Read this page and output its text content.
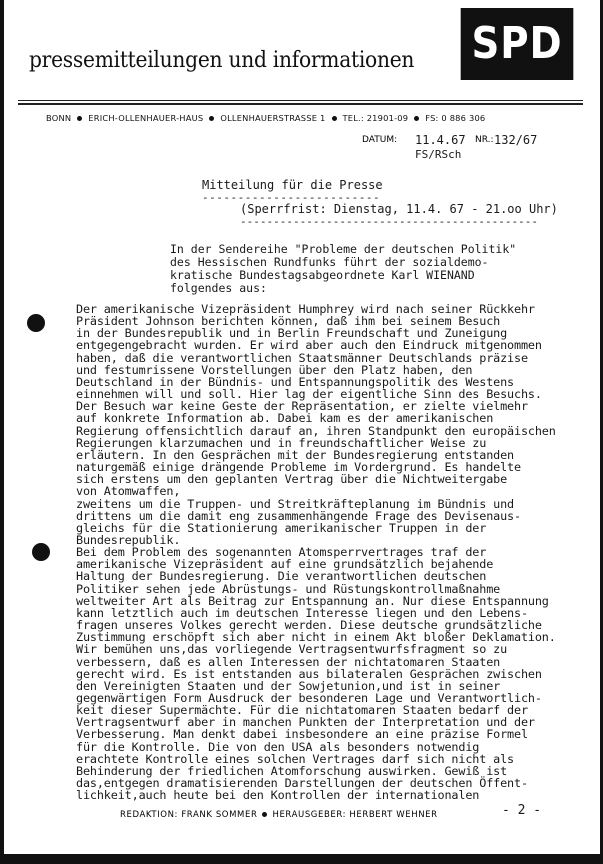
pressemitteilungen und informationen SPD
BONN ERICH-OLLENHAUER-HAUS OLLENHAUERSTRASSE 1 TEL.: 21901-09 FS: 0 886 306
DATUM: 11.4.67 NR.: 132/67
FS/RSch
Mitteilung für die Presse
-------------------------
(Sperrfrist: Dienstag, 11.4. 67 - 21.oo Uhr)
---------------------------------------------
In der Sendereihe "Probleme der deutschen Politik"
des Hessischen Rundfunks führt der sozialdemo-
kratische Bundestagsabgeordnete Karl WIENAND
folgendes aus:
Der amerikanische Vizepräsident Humphrey wird nach seiner Rückkehr
Präsident Johnson berichten können, daß ihm bei seinem Besuch
in der Bundesrepublik und in Berlin Freundschaft und Zuneigung
entgegengebracht wurden. Er wird aber auch den Eindruck mitgenommen
haben, daß die verantwortlichen Staatsmänner Deutschlands präzise
und festumrissene Vorstellungen über den Platz haben, den
Deutschland in der Bündnis- und Entspannungspolitik des Westens
einnehmen will und soll. Hier lag der eigentliche Sinn des Besuchs.
Der Besuch war keine Geste der Repräsentation, er zielte vielmehr
auf konkrete Information ab. Dabei kam es der amerikanischen
Regierung offensichtlich darauf an, ihren Standpunkt den europäischen
Regierungen klarzumachen und in freundschaftlicher Weise zu
erläutern. In den Gesprächen mit der Bundesregierung entstanden
naturgemäß einige drängende Probleme im Vordergrund. Es handelte
sich erstens um den geplanten Vertrag über die Nichtweitergabe
von Atomwaffen,
zweitens um die Truppen- und Streitkräfteplanung im Bündnis und
drittens um die damit eng zusammenhängende Frage des Devisenaus-
gleichs für die Stationierung amerikanischer Truppen in der
Bundesrepublik.
Bei dem Problem des sogenannten Atomsperrvertrages traf der
amerikanische Vizepräsident auf eine grundsätzlich bejahende
Haltung der Bundesregierung. Die verantwortlichen deutschen
Politiker sehen jede Abrüstungs- und Rüstungskontrollmaßnahme
weltweiter Art als Beitrag zur Entspannung an. Nur diese Entspannung
kann letztlich auch im deutschen Interesse liegen und den Lebens-
fragen unseres Volkes gerecht werden. Diese deutsche grundsätzliche
Zustimmung erschöpft sich aber nicht in einem Akt bloßer Deklamation.
Wir bemühen uns,das vorliegende Vertragsentwurfsfragment so zu
verbessern, daß es allen Interessen der nichtatomaren Staaten
gerecht wird. Es ist entstanden aus bilateralen Gesprächen zwischen
den Vereinigten Staaten und der Sowjetunion,und ist in seiner
gegenwärtigen Form Ausdruck der besonderen Lage und Verantwortlich-
keit dieser Supermächte. Für die nichtatomaren Staaten bedarf der
Vertragsentwurf aber in manchen Punkten der Interpretation und der
Verbesserung. Man denkt dabei insbesondere an eine präzise Formel
für die Kontrolle. Die von den USA als besonders notwendig
erachtete Kontrolle eines solchen Vertrages darf sich nicht als
Behinderung der friedlichen Atomforschung auswirken. Gewiß ist
das,entgegen dramatisierenden Darstellungen der deutschen Öffent-
lichkeit,auch heute bei den Kontrollen der internationalen
REDAKTION: FRANK SOMMER HERAUSGEBER: HERBERT WEHNER	- 2 -
